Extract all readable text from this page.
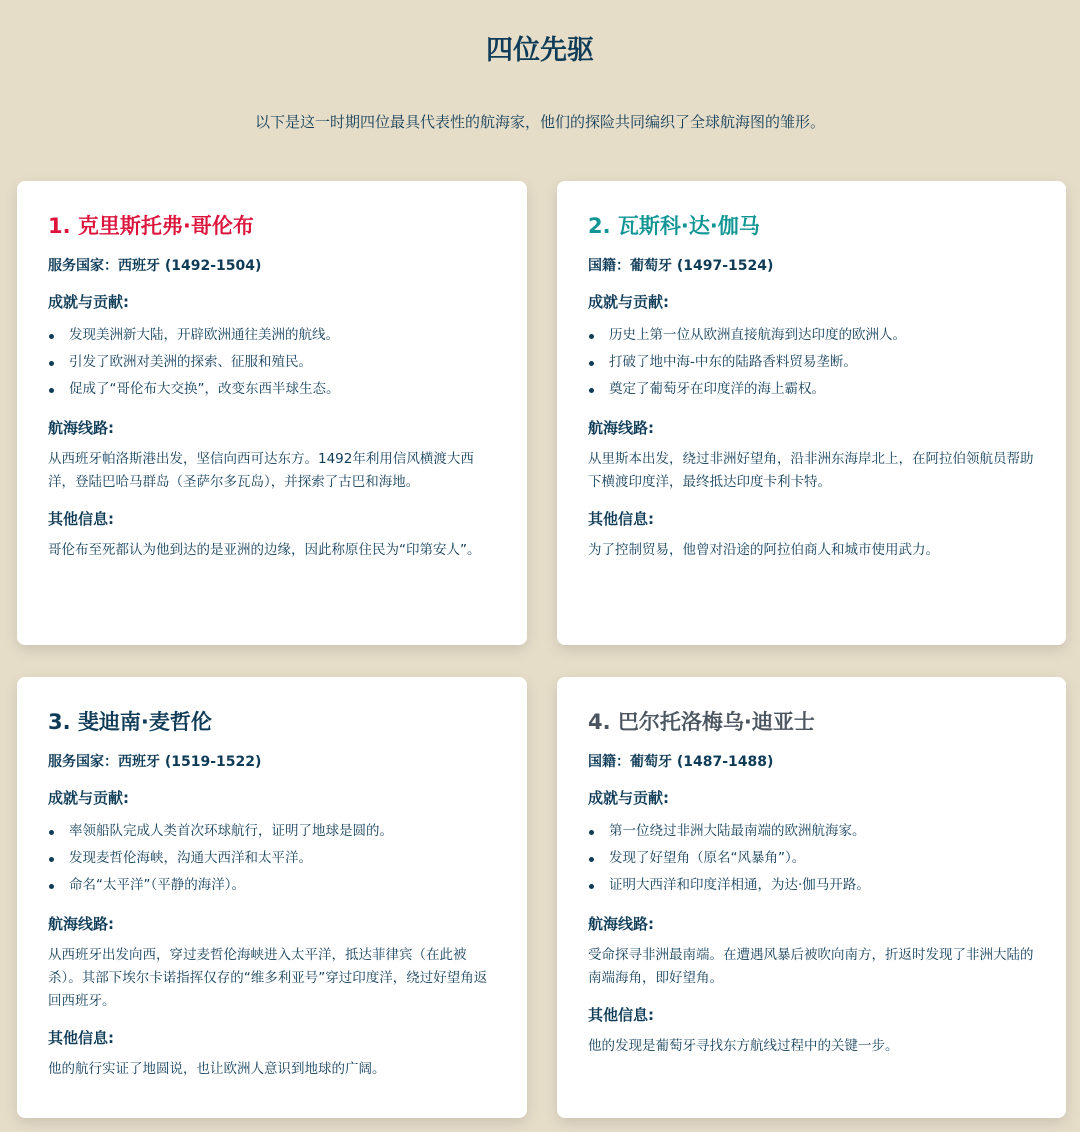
四位先驱
以下是这一时期四位最具代表性的航海家，他们的探险共同编织了全球航海图的雏形。
1. 克里斯托弗·哥伦布
服务国家：西班牙 (1492-1504)
成就与贡献:
发现美洲新大陆，开辟欧洲通往美洲的航线。
引发了欧洲对美洲的探索、征服和殖民。
促成了“哥伦布大交换”，改变东西半球生态。
航海线路:

从西班牙帕洛斯港出发，坚信向西可达东方。1492年利用信风横渡大西洋，登陆巴哈马群岛（圣萨尔多瓦岛），并探索了古巴和海地。

其他信息:

哥伦布至死都认为他到达的是亚洲的边缘，因此称原住民为“印第安人”。

2. 瓦斯科·达·伽马
国籍：葡萄牙 (1497-1524)
成就与贡献:
历史上第一位从欧洲直接航海到达印度的欧洲人。
打破了地中海-中东的陆路香料贸易垄断。
奠定了葡萄牙在印度洋的海上霸权。
航海线路:

从里斯本出发，绕过非洲好望角，沿非洲东海岸北上，在阿拉伯领航员帮助下横渡印度洋，最终抵达印度卡利卡特。

其他信息:

为了控制贸易，他曾对沿途的阿拉伯商人和城市使用武力。

3. 斐迪南·麦哲伦
服务国家：西班牙 (1519-1522)
成就与贡献:
率领船队完成人类首次环球航行，证明了地球是圆的。
发现麦哲伦海峡，沟通大西洋和太平洋。
命名“太平洋”（平静的海洋）。
航海线路:

从西班牙出发向西，穿过麦哲伦海峡进入太平洋，抵达菲律宾（在此被杀）。其部下埃尔卡诺指挥仅存的“维多利亚号”穿过印度洋，绕过好望角返回西班牙。

其他信息:

他的航行实证了地圆说，也让欧洲人意识到地球的广阔。

4. 巴尔托洛梅乌·迪亚士
国籍：葡萄牙 (1487-1488)
成就与贡献:
第一位绕过非洲大陆最南端的欧洲航海家。
发现了好望角（原名“风暴角”）。
证明大西洋和印度洋相通，为达·伽马开路。
航海线路:

受命探寻非洲最南端。在遭遇风暴后被吹向南方，折返时发现了非洲大陆的南端海角，即好望角。

其他信息:

他的发现是葡萄牙寻找东方航线过程中的关键一步。
